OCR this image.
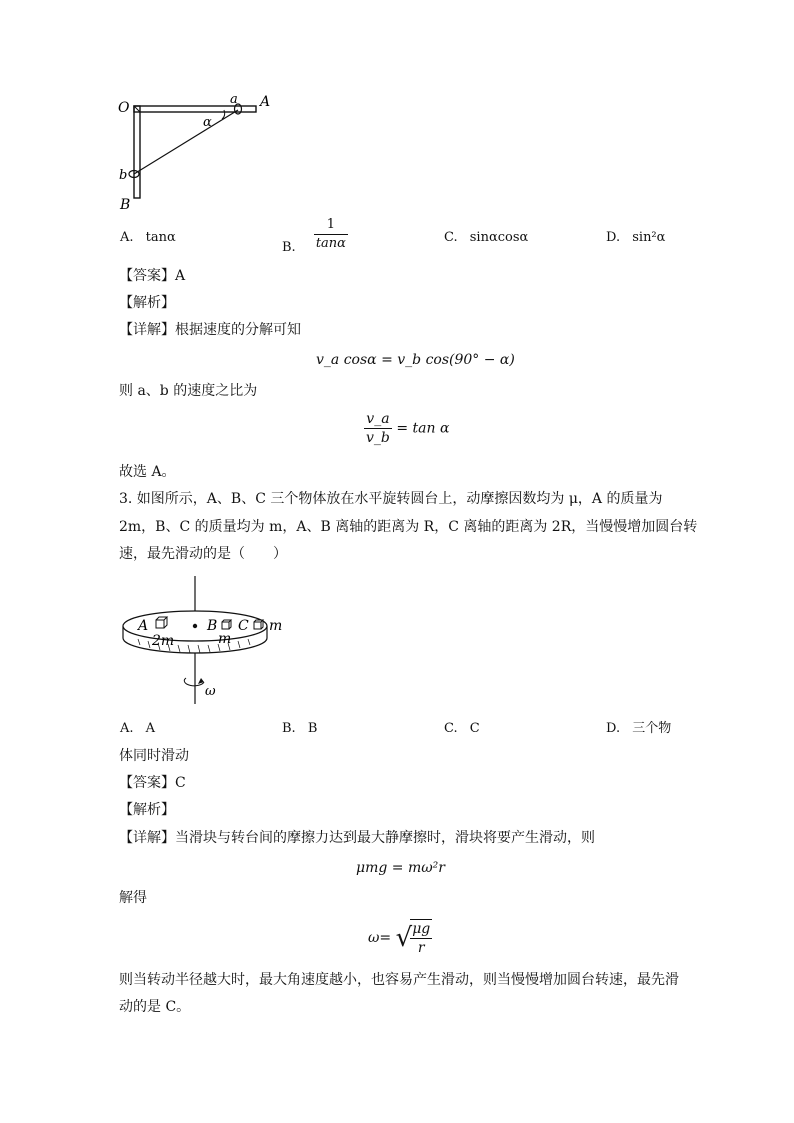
O
a A
α
b
B
A. tanα
B. $\frac{1}{\tan\alpha}$	C. sinαcosα	D. sin²α
【答案】A
【解析】
【详解】根据速度的分解可知
v_a cosα = v_b cos(90° − α)
则 a、b 的速度之比为
$\frac{v\_a}{v\_b} = \tan \alpha$
故选 A。
3. 如图所示，A、B、C 三个物体放在水平旋转圆台上，动摩擦因数均为 μ，A 的质量为
2m，B、C 的质量均为 m，A、B 离轴的距离为 R，C 离轴的距离为 2R，当慢慢增加圆台转
速，最先滑动的是（　　）
A	B C m
2m	m
ω
A. A	B. B	C. C	D. 三个物
体同时滑动
【答案】C
【解析】
【详解】当滑块与转台间的摩擦力达到最大静摩擦时，滑块将要产生滑动，则
μmg = mω²r
解得
ω= √
$\frac{\mu g}{r}$
则当转动半径越大时，最大角速度越小，也容易产生滑动，则当慢慢增加圆台转速，最先滑
动的是 C。
